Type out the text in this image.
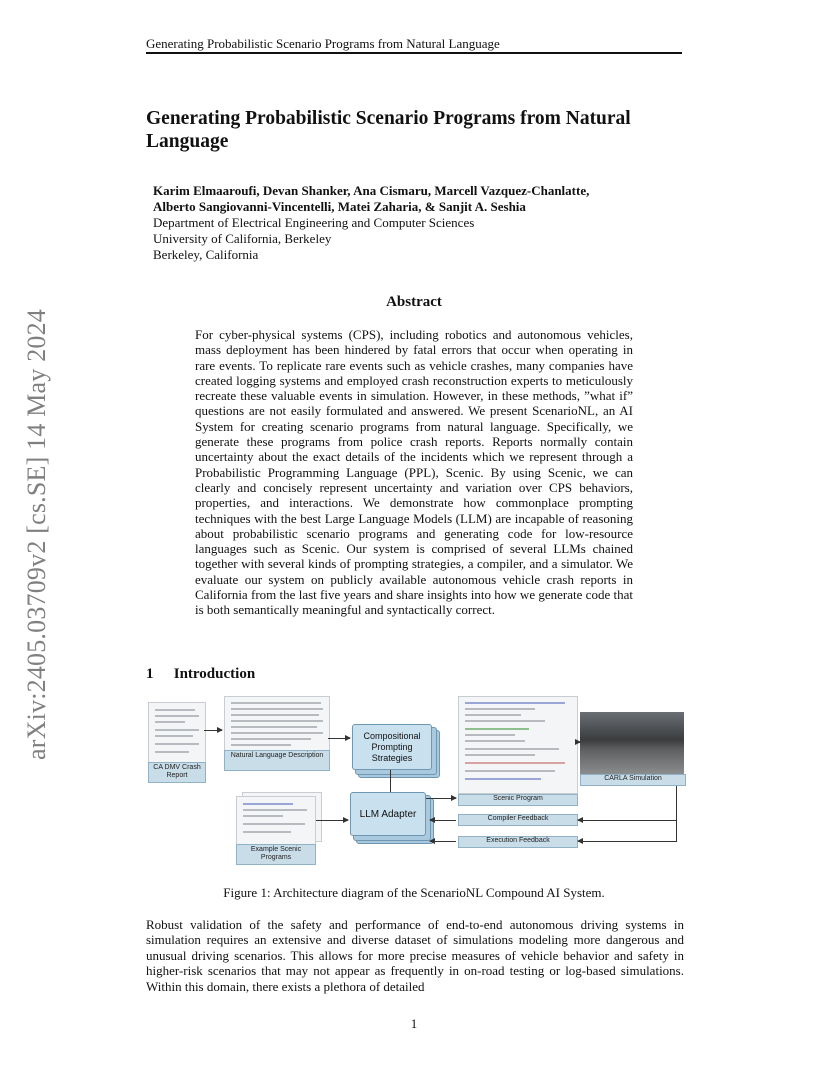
Generating Probabilistic Scenario Programs from Natural Language
Generating Probabilistic Scenario Programs from Natural Language
Karim Elmaaroufi, Devan Shanker, Ana Cismaru, Marcell Vazquez-Chanlatte,
Alberto Sangiovanni-Vincentelli, Matei Zaharia, & Sanjit A. Seshia
Department of Electrical Engineering and Computer Sciences
University of California, Berkeley
Berkeley, California
arXiv:2405.03709v2 [cs.SE] 14 May 2024
Abstract
For cyber-physical systems (CPS), including robotics and autonomous vehicles, mass deployment has been hindered by fatal errors that occur when operating in rare events. To replicate rare events such as vehicle crashes, many companies have created logging systems and employed crash reconstruction experts to meticulously recreate these valuable events in simulation. However, in these methods, ”what if” questions are not easily formulated and answered. We present ScenarioNL, an AI System for creating scenario programs from natural language. Specifically, we generate these programs from police crash reports. Reports normally contain uncertainty about the exact details of the incidents which we represent through a Probabilistic Programming Language (PPL), Scenic. By using Scenic, we can clearly and concisely represent uncertainty and variation over CPS behaviors, properties, and interactions. We demonstrate how commonplace prompting techniques with the best Large Language Models (LLM) are incapable of reasoning about probabilistic scenario programs and generating code for low-resource languages such as Scenic. Our system is comprised of several LLMs chained together with several kinds of prompting strategies, a compiler, and a simulator. We evaluate our system on publicly available autonomous vehicle crash reports in California from the last five years and share insights into how we generate code that is both semantically meaningful and syntactically correct.
1 Introduction
CA DMV Crash Report
Natural Language Description
Compositional Prompting Strategies
LLM Adapter
Example Scenic Programs
Scenic Program
Compiler Feedback
Execution Feedback
CARLA Simulation
Figure 1: Architecture diagram of the ScenarioNL Compound AI System.
Robust validation of the safety and performance of end-to-end autonomous driving systems in simulation requires an extensive and diverse dataset of simulations modeling more dangerous and unusual driving scenarios. This allows for more precise measures of vehicle behavior and safety in higher-risk scenarios that may not appear as frequently in on-road testing or log-based simulations. Within this domain, there exists a plethora of detailed
1
